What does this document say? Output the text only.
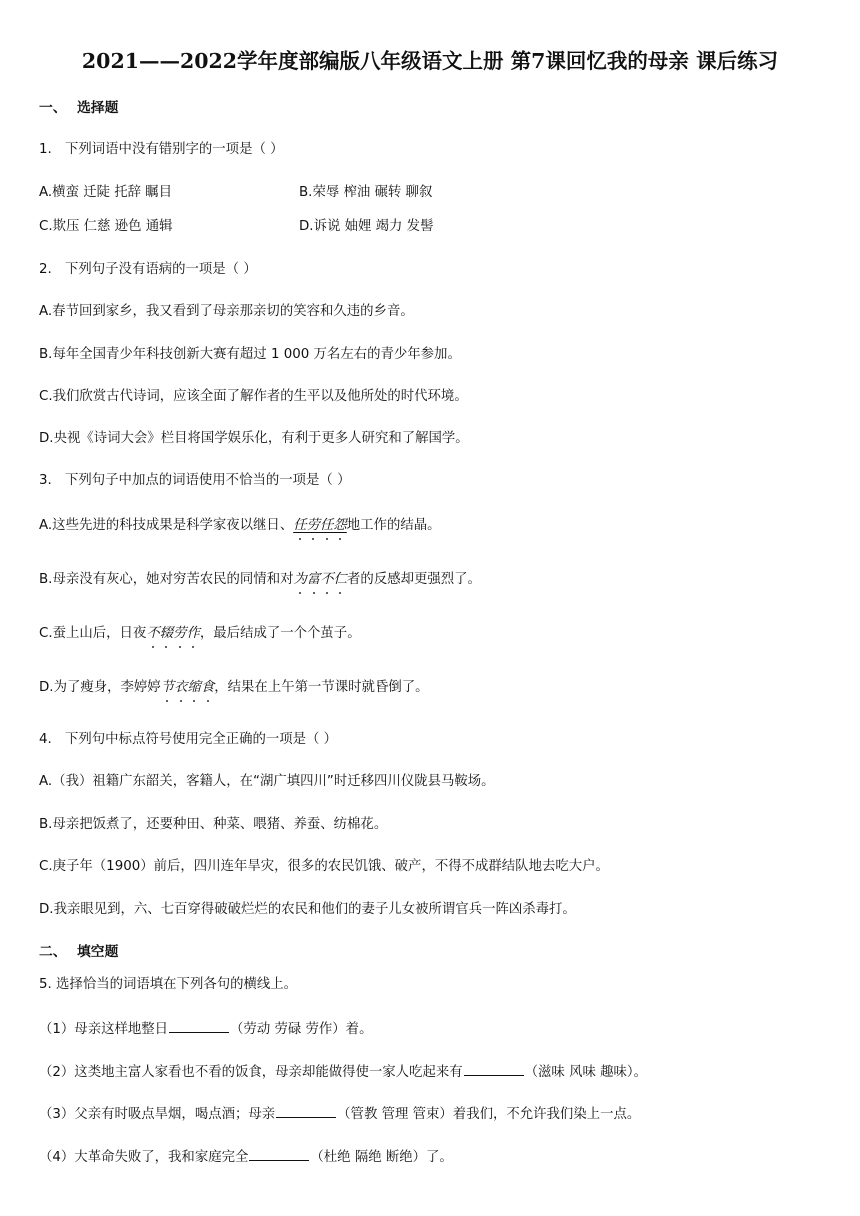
2021——2022学年度部编版八年级语文上册 第7课回忆我的母亲 课后练习
一、 选择题
1. 下列词语中没有错别字的一项是（ ）
A.横蛮 迁陡 托辞 瞩目	B.荣辱 榨油 碾转 聊叙
C.欺压 仁慈 逊色 通辑	D.诉说 妯娌 竭力 发髻
2. 下列句子没有语病的一项是（ ）
A.春节回到家乡，我又看到了母亲那亲切的笑容和久违的乡音。
B.每年全国青少年科技创新大赛有超过 1 000 万名左右的青少年参加。
C.我们欣赏古代诗词，应该全面了解作者的生平以及他所处的时代环境。
D.央视《诗词大会》栏目将国学娱乐化，有利于更多人研究和了解国学。
3. 下列句子中加点的词语使用不恰当的一项是（ ）
A.这些先进的科技成果是科学家夜以继日、任劳任怨
地工作的结晶。
B.母亲没有灰心，她对穷苦农民的同情和对为富不仁
者的反感却更强烈了。
C.蚕上山后，日夜不辍劳作
，最后结成了一个个茧子。
D.为了瘦身，李婷婷节衣缩食
，结果在上午第一节课时就昏倒了。
4. 下列句中标点符号使用完全正确的一项是（ ）
A.（我）祖籍广东韶关，客籍人，在“湖广填四川”时迁移四川仪陇县马鞍场。
B.母亲把饭煮了，还要种田、种菜、喂猪、养蚕、纺棉花。
C.庚子年（1900）前后，四川连年旱灾，很多的农民饥饿、破产，不得不成群结队地去吃大户。
D.我亲眼见到，六、七百穿得破破烂烂的农民和他们的妻子儿女被所谓官兵一阵凶杀毒打。
二、 填空题
5. 选择恰当的词语填在下列各句的横线上。
（1）母亲这样地整日	（劳动 劳碌 劳作）着。
（2）这类地主富人家看也不看的饭食，母亲却能做得使一家人吃起来有	（滋味 风味 趣味）。
（3）父亲有时吸点旱烟，喝点酒；母亲	（管教 管理 管束）着我们，不允许我们染上一点。
（4）大革命失败了，我和家庭完全	（杜绝 隔绝 断绝）了。
